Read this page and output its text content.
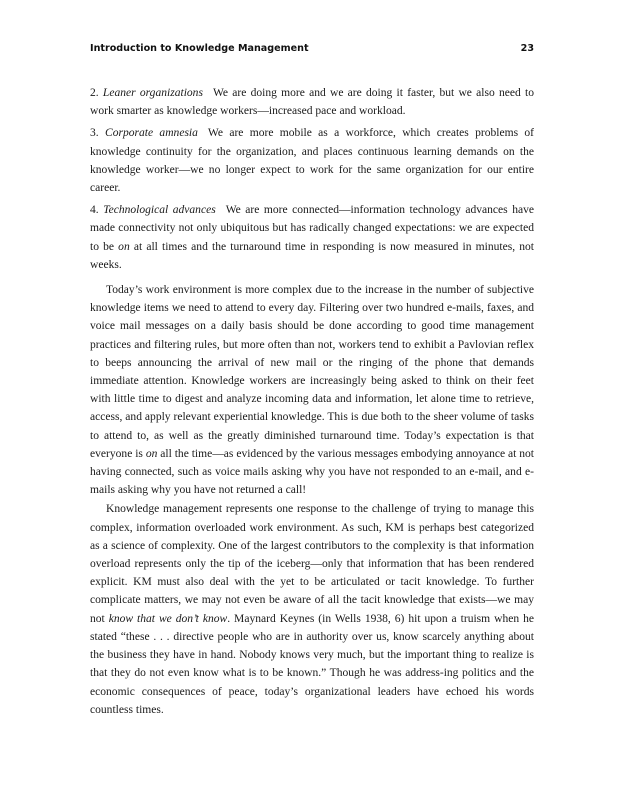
Introduction to Knowledge Management	23

2. Leaner organizations We are doing more and we are doing it faster, but we also need to work smarter as knowledge workers—increased pace and workload.

3. Corporate amnesia We are more mobile as a workforce, which creates problems of knowledge continuity for the organization, and places continuous learning demands on the knowledge worker—we no longer expect to work for the same organization for our entire career.

4. Technological advances We are more connected—information technology advances have made connectivity not only ubiquitous but has radically changed expectations: we are expected to be on at all times and the turnaround time in responding is now measured in minutes, not weeks.

Today’s work environment is more complex due to the increase in the number of subjective knowledge items we need to attend to every day. Filtering over two hundred e-mails, faxes, and voice mail messages on a daily basis should be done according to good time management practices and filtering rules, but more often than not, workers tend to exhibit a Pavlovian reflex to beeps announcing the arrival of new mail or the ringing of the phone that demands immediate attention. Knowledge workers are increasingly being asked to think on their feet with little time to digest and analyze incoming data and information, let alone time to retrieve, access, and apply relevant experiential knowledge. This is due both to the sheer volume of tasks to attend to, as well as the greatly diminished turnaround time. Today’s expectation is that everyone is on all the time—as evidenced by the various messages embodying annoyance at not having connected, such as voice mails asking why you have not responded to an e-mail, and e-mails asking why you have not returned a call!

Knowledge management represents one response to the challenge of trying to manage this complex, information overloaded work environment. As such, KM is perhaps best categorized as a science of complexity. One of the largest contributors to the complexity is that information overload represents only the tip of the iceberg—only that information that has been rendered explicit. KM must also deal with the yet to be articulated or tacit knowledge. To further complicate matters, we may not even be aware of all the tacit knowledge that exists—we may not know that we don’t know. Maynard Keynes (in Wells 1938, 6) hit upon a truism when he stated “these . . . directive people who are in authority over us, know scarcely anything about the business they have in hand. Nobody knows very much, but the important thing to realize is that they do not even know what is to be known.” Though he was address-ing politics and the economic consequences of peace, today’s organizational leaders have echoed his words countless times.
